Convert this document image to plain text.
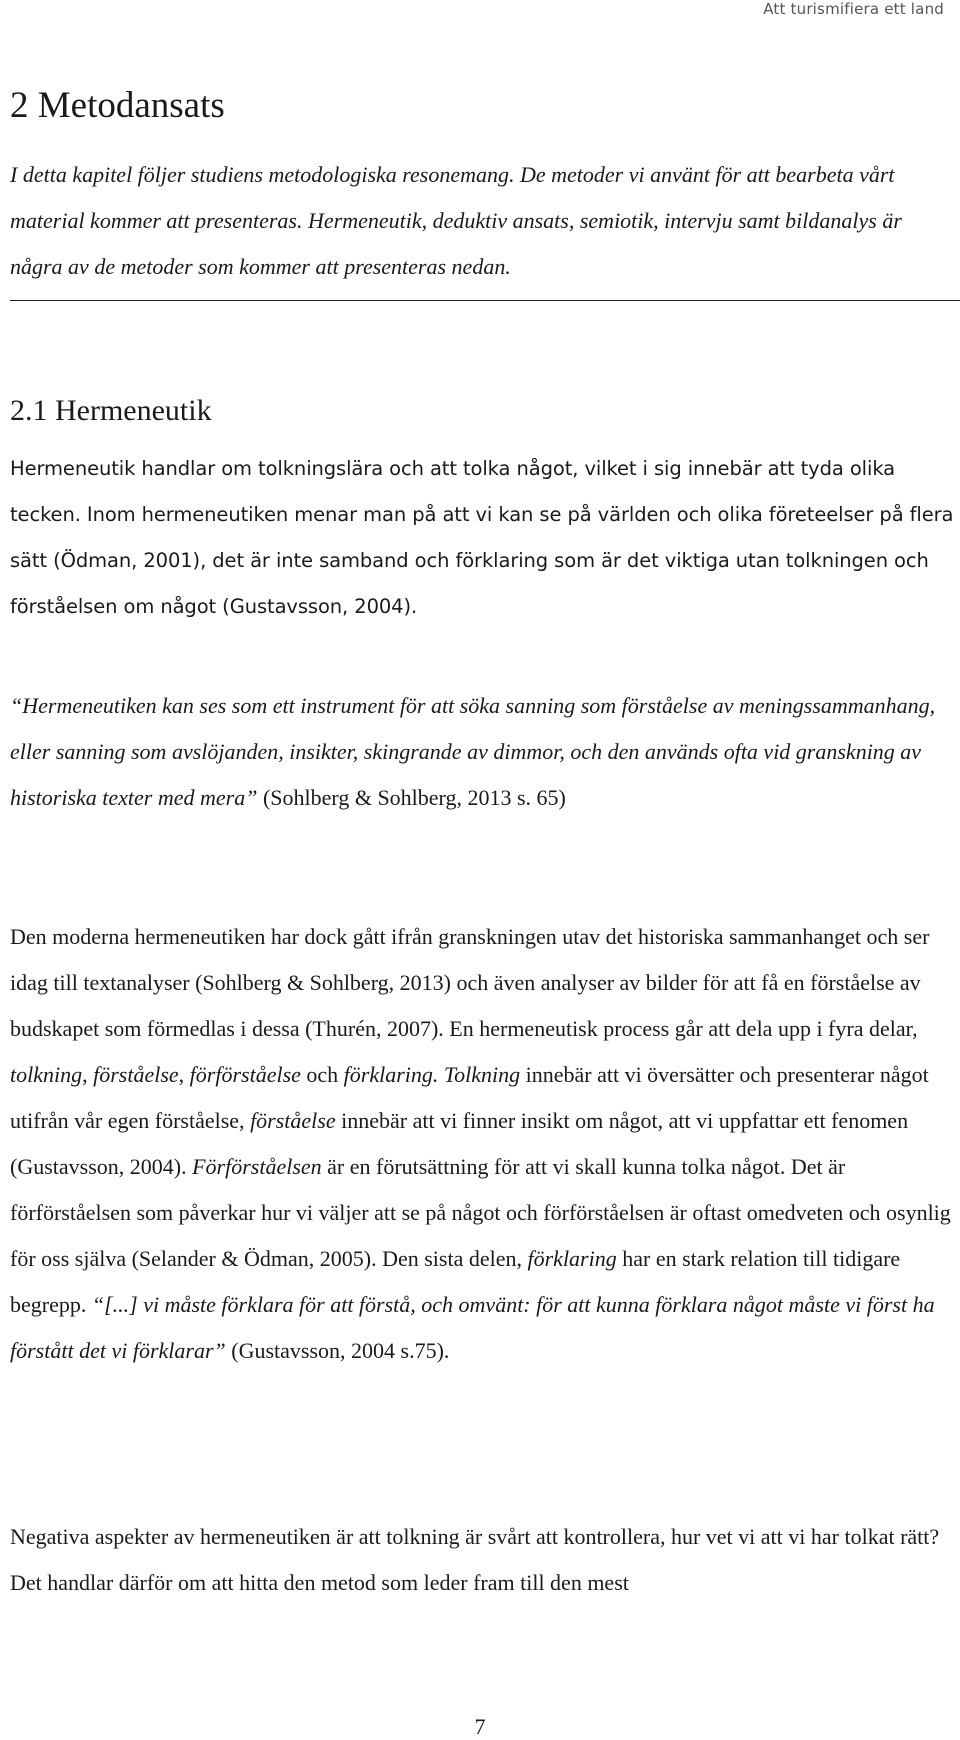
Att turismifiera ett land
2 Metodansats

I detta kapitel följer studiens metodologiska resonemang. De metoder vi använt för att bearbeta vårt material kommer att presenteras. Hermeneutik, deduktiv ansats, semiotik, intervju samt bildanalys är några av de metoder som kommer att presenteras nedan.

2.1 Hermeneutik

Hermeneutik handlar om tolkningslära och att tolka något, vilket i sig innebär att tyda olika tecken. Inom hermeneutiken menar man på att vi kan se på världen och olika företeelser på flera sätt (Ödman, 2001), det är inte samband och förklaring som är det viktiga utan tolkningen och förståelsen om något (Gustavsson, 2004).

“Hermeneutiken kan ses som ett instrument för att söka sanning som förståelse av meningssammanhang, eller sanning som avslöjanden, insikter, skingrande av dimmor, och den används ofta vid granskning av historiska texter med mera” (Sohlberg & Sohlberg, 2013 s. 65)

Den moderna hermeneutiken har dock gått ifrån granskningen utav det historiska sammanhanget och ser idag till textanalyser (Sohlberg & Sohlberg, 2013) och även analyser av bilder för att få en förståelse av budskapet som förmedlas i dessa (Thurén, 2007). En hermeneutisk process går att dela upp i fyra delar, tolkning, förståelse, förförståelse och förklaring. Tolkning innebär att vi översätter och presenterar något utifrån vår egen förståelse, förståelse innebär att vi finner insikt om något, att vi uppfattar ett fenomen (Gustavsson, 2004). Förförståelsen är en förutsättning för att vi skall kunna tolka något. Det är förförståelsen som påverkar hur vi väljer att se på något och förförståelsen är oftast omedveten och osynlig för oss själva (Selander & Ödman, 2005). Den sista delen, förklaring har en stark relation till tidigare begrepp. “[...] vi måste förklara för att förstå, och omvänt: för att kunna förklara något måste vi först ha förstått det vi förklarar” (Gustavsson, 2004 s.75).

Negativa aspekter av hermeneutiken är att tolkning är svårt att kontrollera, hur vet vi att vi har tolkat rätt? Det handlar därför om att hitta den metod som leder fram till den mest

7
